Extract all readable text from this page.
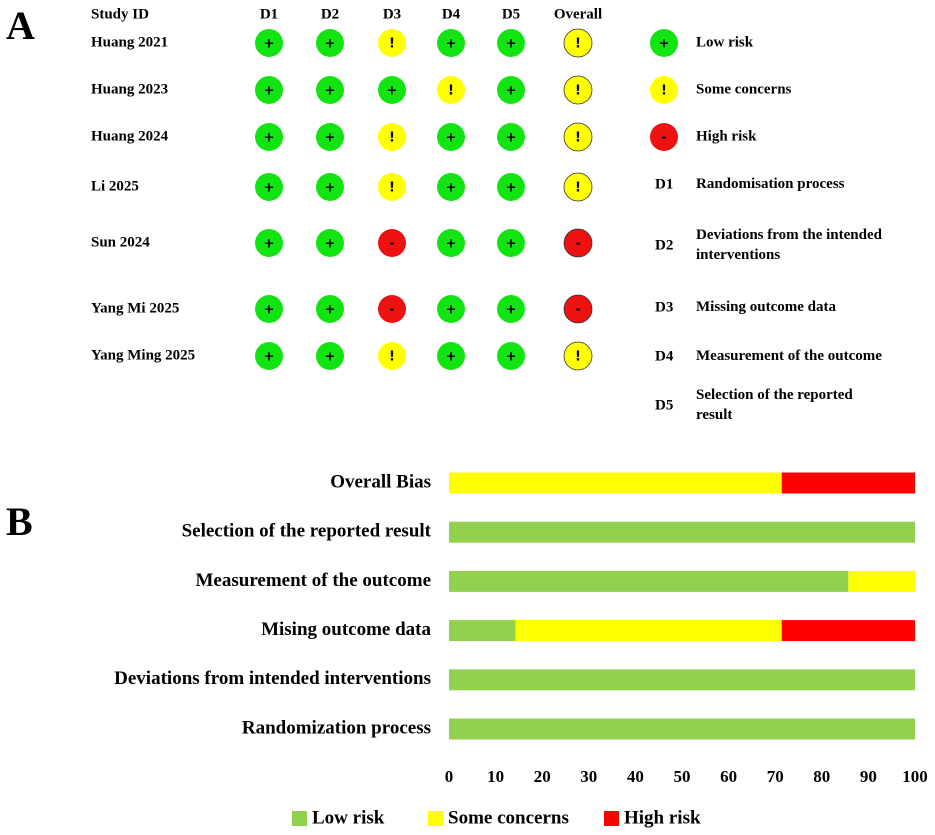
A
B
Study ID	D1	D2	D3	D4	D5 Overall
Huang 2021	+	+	!	+	+	!
Huang 2023	+	+	+	!	+	!
Huang 2024	+	+	!	+	+	!
Li 2025	+	+	!	+	+	!
Sun 2024	+	+	-	+	+	-
Yang Mi 2025	+	+	-	+	+	-
Yang Ming 2025	+	+	!	+	+	!
+ Low risk
! Some concerns
- High risk
D1 Randomisation process
D2
Deviations from the intended interventions
D3 Missing outcome data
D4 Measurement of the outcome
D5
Selection of the reported result
Overall Bias
Selection of the reported result
Measurement of the outcome
Mising outcome data
Deviations from intended interventions
Randomization process
0 10 20 30 40 50 60 70 80 90 100
Low risk	Some concerns	High risk
